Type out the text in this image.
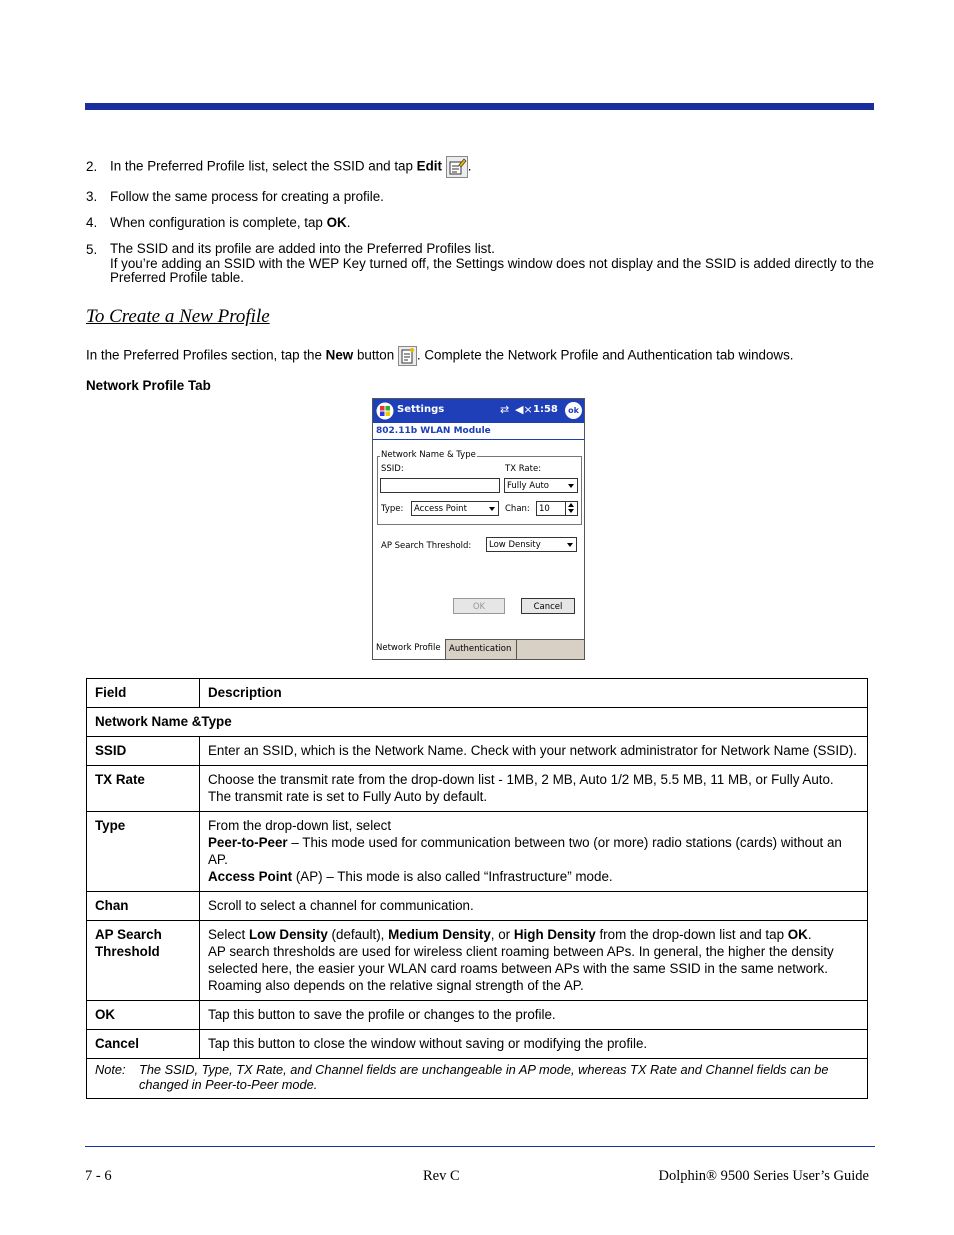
2. In the Preferred Profile list, select the SSID and tap Edit .
3. Follow the same process for creating a profile.
4. When configuration is complete, tap OK.
5. The SSID and its profile are added into the Preferred Profiles list.
If you’re adding an SSID with the WEP Key turned off, the Settings window does not display and the SSID is added directly to the Preferred Profile table.
To Create a New Profile
In the Preferred Profiles section, tap the New button
. Complete the Network Profile and Authentication tab windows.
Network Profile Tab
Settings	⇄ ◀× 1:58	ok
802.11b WLAN Module
Network Name & Type
SSID:	TX Rate:
Fully Auto
Type:	Access Point	Chan:	10
AP Search Threshold:	Low Density
OK	Cancel
Network Profile Authentication
Field	Description
Network Name &Type	
SSID	Enter an SSID, which is the Network Name. Check with your network administrator for Network Name (SSID).
TX Rate	Choose the transmit rate from the drop-down list - 1MB, 2 MB, Auto 1/2 MB, 5.5 MB, 11 MB, or Fully Auto. The transmit rate is set to Fully Auto by default.
Type	From the drop-down list, select
Peer-to-Peer – This mode used for communication between two (or more) radio stations (cards) without an AP.
Access Point (AP) – This mode is also called “Infrastructure” mode.
Chan	Scroll to select a channel for communication.
AP Search Threshold	Select Low Density (default), Medium Density, or High Density from the drop-down list and tap OK.
AP search thresholds are used for wireless client roaming between APs. In general, the higher the density selected here, the easier your WLAN card roams between APs with the same SSID in the same network. Roaming also depends on the relative signal strength of the AP.
OK	Tap this button to save the profile or changes to the profile.
Cancel	Tap this button to close the window without saving or modifying the profile.

Note: The SSID, Type, TX Rate, and Channel fields are unchangeable in AP mode, whereas TX Rate and Channel fields can be changed in Peer-to-Peer mode.	
7 - 6	Rev C	Dolphin® 9500 Series User’s Guide
